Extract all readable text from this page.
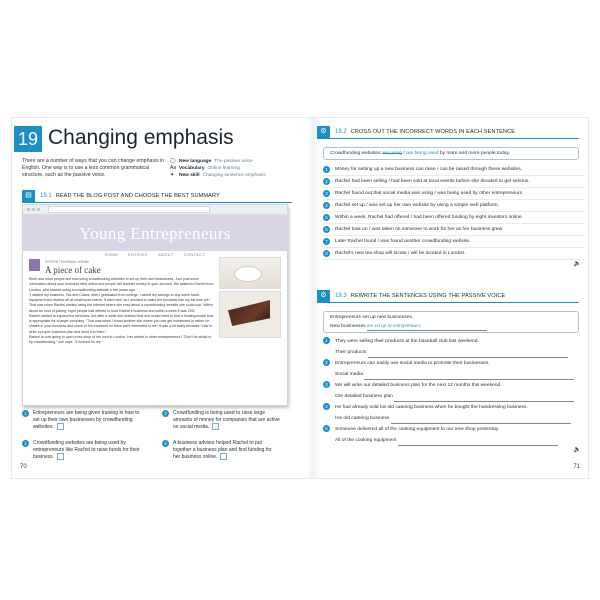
19 Changing emphasis
There are a number of ways that you can change emphasis in English. One way is to use a less common grammatical structure, such as the passive voice.
◯ New language The passive voice
Aa Vocabulary Online learning
✦ New skill Changing sentence emphasis
▤	19.1 READ THE BLOG POST AND CHOOSE THE BEST SUMMARY
Young Entrepreneurs
HOME	ENTRIES	ABOUT	CONTACT
POSTED THURSDAY, 9:30AM
A piece of cake

More and more people are now using crowdfunding websites to set up their own businesses. Just post some information about your business idea online and people will transfer money to your account. We talked to Rachel from London, who started using a crowdfunding website a few years ago.

"I started my business, Tea and Cakes, after I graduated from college. I saved my savings to buy some basic equipment and started off at small local events. It went well, so I decided to make the business into my full-time job."

That was when Rachel started using the internet where she read about a crowdfunding website she could use. Within about an hour of joining, eight people had offered to fund Rachel's business and within a week it was 200!

Rachel started to expand the business, but after a while she realized that she would need to find a funding model that is appropriate for a larger company. "That was when I found another site where you can get investment in return for shares in your business and some of the investors on there were interested in me! It was a bit scary because I had to write a proper business plan and send it to them."

Rachel is now going to open a tea shop of her own in London. Her advice to other entrepreneurs? "Don't be afraid to try crowdfunding," she says. "It worked for me."

1	Entrepreneurs are being given training in how to set up their own businesses by crowdfunding websites.
2	Crowdfunding websites are being used by entrepreneurs like Rachel to raise funds for their business.
3	Crowdfunding is being used to raise large amounts of money for companies that are active on social media.
4	A business advisor helped Rachel to put together a business plan and find funding for her business online.
70
⚙	19.2 CROSS OUT THE INCORRECT WORDS IN EACH SENTENCE
Crowdfunding websites are using / are being used by more and more people today.
1	Money for setting up a new business can raise / can be raised through these websites.
2	Rachel had been selling / had been sold at local events before she decided to get serious.
3	Rachel found out that social media was using / was being used by other entrepreneurs.
4	Rachel set up / was set up her own website by using a simple web platform.
5	Within a week, Rachel had offered / had been offered funding by eight investors online.
6	Rachel took on / was taken on someone to work for her as her business grew.
7	Later Rachel found / was found another crowdfunding website.
8	Rachel's new tea shop will locate / will be located in London.
🔈
⚙	19.3 REWRITE THE SENTENCES USING THE PASSIVE VOICE
Entrepreneurs set up new businesses.
New businesses are set up by entrepreneurs.
1 They were selling their products at the baseball club last weekend.
Their products
2 Entrepreneurs can easily use social media to promote their businesses.
Social media
3 We will write our detailed business plan for the next 12 months this weekend.
Our detailed business plan
4 He had already sold his old catering business when he bought the hairdressing business.
His old catering business
5 Someone delivered all of the cooking equipment to our new shop yesterday.
All of the cooking equipment
🔈
71
